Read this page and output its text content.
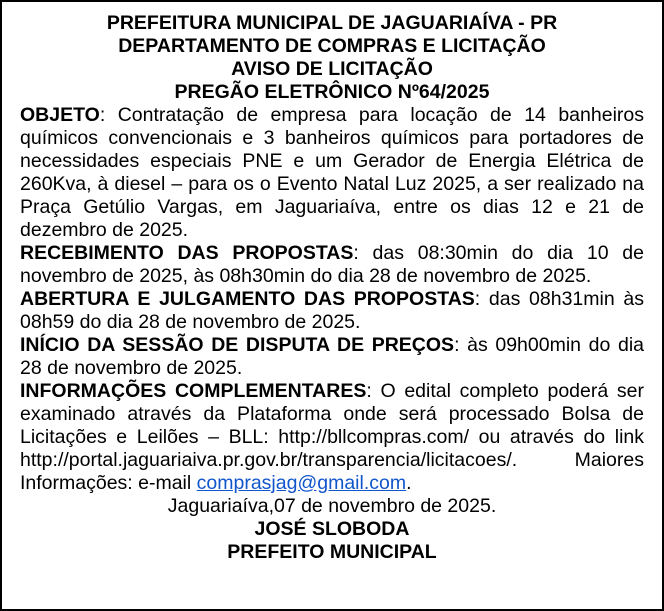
PREFEITURA MUNICIPAL DE JAGUARIAÍVA - PR

DEPARTAMENTO DE COMPRAS E LICITAÇÃO

AVISO DE LICITAÇÃO

PREGÃO ELETRÔNICO Nº64/2025

OBJETO: Contratação de empresa para locação de 14 banheiros químicos convencionais e 3 banheiros químicos para portadores de necessidades especiais PNE e um Gerador de Energia Elétrica de 260Kva, à diesel – para os o Evento Natal Luz 2025, a ser realizado na Praça Getúlio Vargas, em Jaguariaíva, entre os dias 12 e 21 de dezembro de 2025.

RECEBIMENTO DAS PROPOSTAS: das 08:30min do dia 10 de novembro de 2025, às 08h30min do dia 28 de novembro de 2025.

ABERTURA E JULGAMENTO DAS PROPOSTAS: das 08h31min às 08h59 do dia 28 de novembro de 2025.

INÍCIO DA SESSÃO DE DISPUTA DE PREÇOS: às 09h00min do dia 28 de novembro de 2025.

INFORMAÇÕES COMPLEMENTARES: O edital completo poderá ser examinado através da Plataforma onde será processado Bolsa de Licitações e Leilões – BLL: http://bllcompras.com/ ou através do link http://portal.jaguariaiva.pr.gov.br/transparencia/licitacoes/. Maiores Informações: e-mail comprasjag@gmail.com.

Jaguariaíva,07 de novembro de 2025.

JOSÉ SLOBODA

PREFEITO MUNICIPAL
